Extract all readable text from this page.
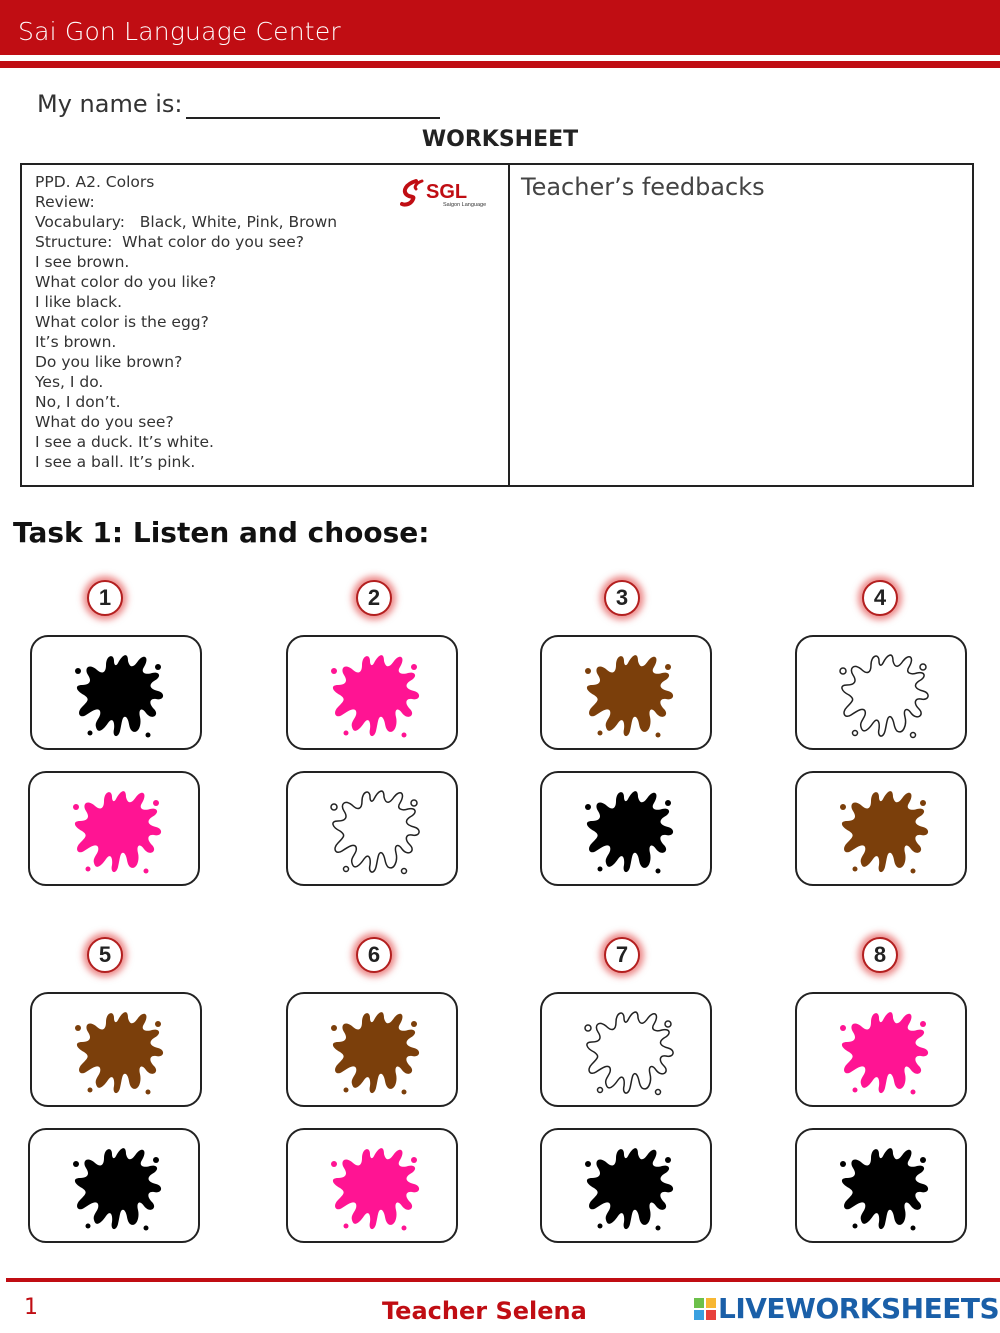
Sai Gon Language Center
My name is:
WORKSHEET
PPD. A2. Colors
Review:
Vocabulary:   Black, White, Pink, Brown
Structure:  What color do you see?
I see brown.
What color do you like?
I like black.
What color is the egg?
It’s brown.
Do you like brown?
Yes, I do.
No, I don’t.
What do you see?
I see a duck. It’s white.
I see a ball. It’s pink.
SGL
Saigon Language
Teacher’s feedbacks
Task 1: Listen and choose:
1	2	3	4
5	6	7	8
1	Teacher Selena	LIVEWORKSHEETS
